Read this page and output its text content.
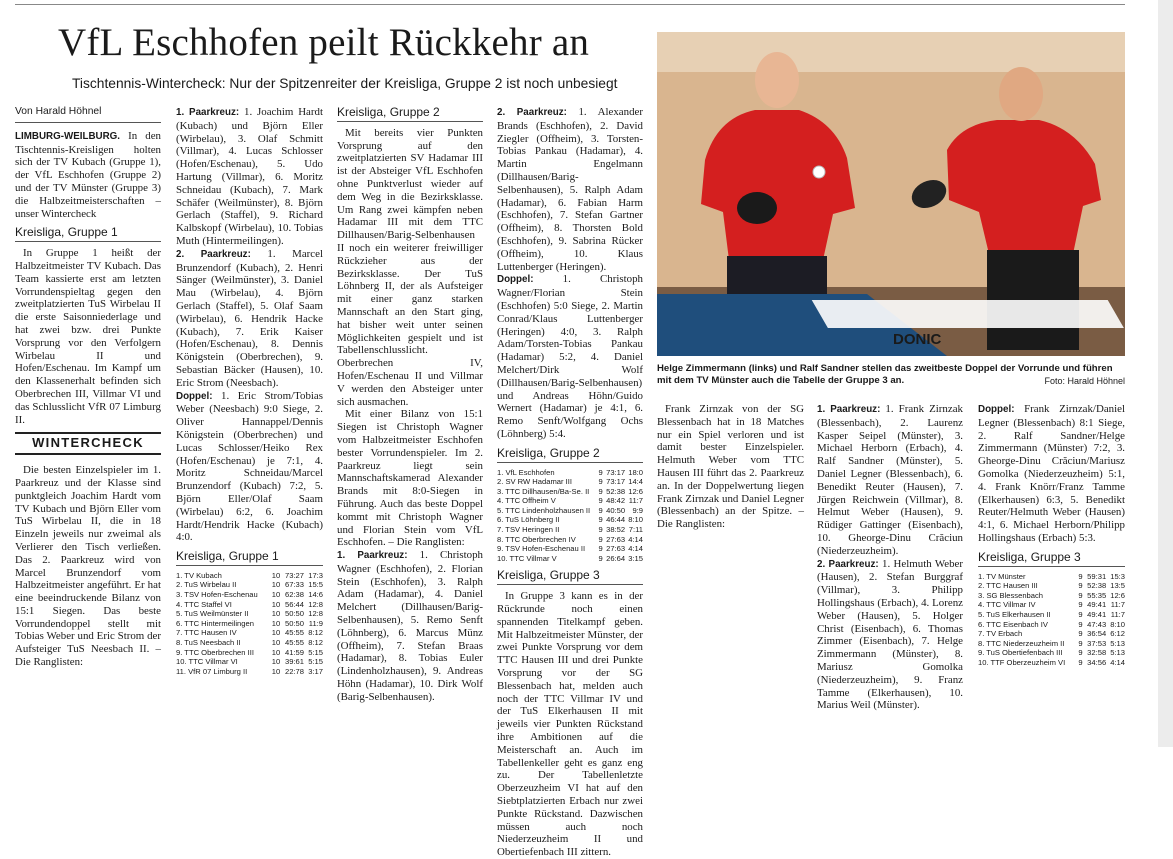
VfL Eschhofen peilt Rückkehr an
Tischtennis-Wintercheck: Nur der Spitzenreiter der Kreisliga, Gruppe 2 ist noch unbesiegt
Von Harald Höhnel

LIMBURG-WEILBURG. In den Tischtennis-Kreisligen holten sich der TV Kubach (Gruppe 1), der VfL Eschhofen (Gruppe 2) und der TV Münster (Gruppe 3) die Halbzeitmeisterschaften – unser Wintercheck

Kreisliga, Gruppe 1

In Gruppe 1 heißt der Halbzeitmeister TV Kubach. Das Team kassierte erst am letzten Vorrundenspieltag gegen den zweitplatzierten TuS Wirbelau II die erste Saisonniederlage und hat zwei bzw. drei Punkte Vorsprung vor den Verfolgern Wirbelau II und Hofen/Eschenau. Im Kampf um den Klassenerhalt befinden sich Oberbrechen III, Villmar VI und das Schlusslicht VfR 07 Limburg II.

WINTERCHECK

Die besten Einzelspieler im 1. Paarkreuz und der Klasse sind punktgleich Joachim Hardt vom TV Kubach und Björn Eller vom TuS Wirbelau II, die in 18 Einzeln jeweils nur zweimal als Verlierer den Tisch verließen. Das 2. Paarkreuz wird von Marcel Brunzendorf vom Halbzeitmeister angeführt. Er hat eine beeindruckende Bilanz von 15:1 Siegen. Das beste Vorrundendoppel stellt mit Tobias Weber und Eric Strom der Aufsteiger TuS Neesbach II. – Die Ranglisten:

1. Paarkreuz: 1. Joachim Hardt (Kubach) und Björn Eller (Wirbelau), 3. Olaf Schmitt (Villmar), 4. Lucas Schlosser (Hofen/Eschenau), 5. Udo Hartung (Villmar), 6. Moritz Schneidau (Kubach), 7. Mark Schäfer (Weilmünster), 8. Björn Gerlach (Staffel), 9. Richard Kalbskopf (Wirbelau), 10. Tobias Muth (Hintermeilingen).

2. Paarkreuz: 1. Marcel Brunzendorf (Kubach), 2. Henri Sänger (Weilmünster), 3. Daniel Mau (Wirbelau), 4. Björn Gerlach (Staffel), 5. Olaf Saam (Wirbelau), 6. Hendrik Hacke (Kubach), 7. Erik Kaiser (Hofen/Eschenau), 8. Dennis Königstein (Oberbrechen), 9. Sebastian Bäcker (Hausen), 10. Eric Strom (Neesbach).

Doppel: 1. Eric Strom/Tobias Weber (Neesbach) 9:0 Siege, 2. Oliver Hannappel/Dennis Königstein (Oberbrechen) und Lucas Schlosser/Heiko Rex (Hofen/Eschenau) je 7:1, 4. Moritz Schneidau/Marcel Brunzendorf (Kubach) 7:2, 5. Björn Eller/Olaf Saam (Wirbelau) 6:2, 6. Joachim Hardt/Hendrik Hacke (Kubach) 4:0.

Kreisliga, Gruppe 1
1. TV Kubach	10	73:27	17:3
2. TuS Wirbelau II	10	67:33	15:5
3. TSV Hofen-Eschenau	10	62:38	14:6
4. TTC Staffel VI	10	56:44	12:8
5. TuS Weilmünster II	10	50:50	12:8
6. TTC Hintermeilingen	10	50:50	11:9
7. TTC Hausen IV	10	45:55	8:12
8. TuS Neesbach II	10	45:55	8:12
9. TTC Oberbrechen III	10	41:59	5:15
10. TTC Villmar VI	10	39:61	5:15
11. VfR 07 Limburg II	10	22:78	3:17
Kreisliga, Gruppe 2

Mit bereits vier Punkten Vorsprung auf den zweitplatzierten SV Hadamar III ist der Absteiger VfL Eschhofen ohne Punktverlust wieder auf dem Weg in die Bezirksklasse. Um Rang zwei kämpfen neben Hadamar III mit dem TTC Dillhausen/Barig-Selbenhausen II noch ein weiterer freiwilliger Rückzieher aus der Bezirksklasse. Der TuS Löhnberg II, der als Aufsteiger mit einer ganz starken Mannschaft an den Start ging, hat bisher weit unter seinen Möglichkeiten gespielt und ist Tabellenschlusslicht. Oberbrechen IV, Hofen/Eschenau II und Villmar V werden den Absteiger unter sich ausmachen.

Mit einer Bilanz von 15:1 Siegen ist Christoph Wagner vom Halbzeitmeister Eschhofen bester Vorrundenspieler. Im 2. Paarkreuz liegt sein Mannschaftskamerad Alexander Brands mit 8:0-Siegen in Führung. Auch das beste Doppel kommt mit Christoph Wagner und Florian Stein vom VfL Eschhofen. – Die Ranglisten:

1. Paarkreuz: 1. Christoph Wagner (Eschhofen), 2. Florian Stein (Eschhofen), 3. Ralph Adam (Hadamar), 4. Daniel Melchert (Dillhausen/Barig-Selbenhausen), 5. Remo Senft (Löhnberg), 6. Marcus Münz (Offheim), 7. Stefan Braas (Hadamar), 8. Tobias Euler (Lindenholzhausen), 9. Andreas Höhn (Hadamar), 10. Dirk Wolf (Barig-Selbenhausen).

2. Paarkreuz: 1. Alexander Brands (Eschhofen), 2. David Ziegler (Offheim), 3. Torsten-Tobias Pankau (Hadamar), 4. Martin Engelmann (Dillhausen/Barig-Selbenhausen), 5. Ralph Adam (Hadamar), 6. Fabian Harm (Eschhofen), 7. Stefan Gartner (Offheim), 8. Thorsten Bold (Eschhofen), 9. Sabrina Rücker (Offheim), 10. Klaus Luttenberger (Heringen).

Doppel: 1. Christoph Wagner/Florian Stein (Eschhofen) 5:0 Siege, 2. Martin Conrad/Klaus Luttenberger (Heringen) 4:0, 3. Ralph Adam/Torsten-Tobias Pankau (Hadamar) 5:2, 4. Daniel Melchert/Dirk Wolf (Dillhausen/Barig-Selbenhausen) und Andreas Höhn/Guido Wernert (Hadamar) je 4:1, 6. Remo Senft/Wolfgang Ochs (Löhnberg) 5:4.

Kreisliga, Gruppe 2
1. VfL Eschhofen	9	73:17	18:0
2. SV RW Hadamar III	9	73:17	14:4
3. TTC Dillhausen/Ba-Se. II	9	52:38	12:6
4. TTC Offheim V	9	48:42	11:7
5. TTC Lindenholzhausen II	9	40:50	9:9
6. TuS Löhnberg II	9	46:44	8:10
7. TSV Heringen II	9	38:52	7:11
8. TTC Oberbrechen IV	9	27:63	4:14
9. TSV Hofen-Eschenau II	9	27:63	4:14
10. TTC Villmar V	9	26:64	3:15
Kreisliga, Gruppe 3

In Gruppe 3 kann es in der Rückrunde noch einen spannenden Titelkampf geben. Mit Halbzeitmeister Münster, der zwei Punkte Vorsprung vor dem TTC Hausen III und drei Punkte Vorsprung vor der SG Blessenbach hat, melden auch noch der TTC Villmar IV und der TuS Elkerhausen II mit jeweils vier Punkten Rückstand ihre Ambitionen auf die Meisterschaft an. Auch im Tabellenkeller geht es ganz eng zu. Der Tabellenletzte Oberzeuzheim VI hat auf den Siebtplatzierten Erbach nur zwei Punkte Rückstand. Dazwischen müssen auch noch Niederzeuzheim II und Obertiefenbach III zittern.

DONIC
Helge Zimmermann (links) und Ralf Sandner stellen das zweitbeste Doppel der Vorrunde und führen mit dem TV Münster auch die Tabelle der Gruppe 3 an.	Foto: Harald Höhnel

Frank Zirnzak von der SG Blessenbach hat in 18 Matches nur ein Spiel verloren und ist damit bester Einzelspieler. Helmuth Weber vom TTC Hausen III führt das 2. Paarkreuz an. In der Doppelwertung liegen Frank Zirnzak und Daniel Legner (Blessenbach) an der Spitze. – Die Ranglisten:

1. Paarkreuz: 1. Frank Zirnzak (Blessenbach), 2. Laurenz Kasper Seipel (Münster), 3. Michael Herborn (Erbach), 4. Ralf Sandner (Münster), 5. Daniel Legner (Blessenbach), 6. Benedikt Reuter (Hausen), 7. Jürgen Reichwein (Villmar), 8. Helmut Weber (Hausen), 9. Rüdiger Gattinger (Eisenbach), 10. Gheorge-Dinu Crăciun (Niederzeuzheim).

2. Paarkreuz: 1. Helmuth Weber (Hausen), 2. Stefan Burggraf (Villmar), 3. Philipp Hollingshaus (Erbach), 4. Lorenz Weber (Hausen), 5. Holger Christ (Eisenbach), 6. Thomas Zimmer (Eisenbach), 7. Helge Zimmermann (Münster), 8. Mariusz Gomolka (Niederzeuzheim), 9. Franz Tamme (Elkerhausen), 10. Marius Weil (Münster).

Doppel: Frank Zirnzak/Daniel Legner (Blessenbach) 8:1 Siege, 2. Ralf Sandner/Helge Zimmermann (Münster) 7:2, 3. Gheorge-Dinu Crăciun/Mariusz Gomolka (Niederzeuzheim) 5:1, 4. Frank Knörr/Franz Tamme (Elkerhausen) 6:3, 5. Benedikt Reuter/Helmuth Weber (Hausen) 4:1, 6. Michael Herborn/Philipp Hollingshaus (Erbach) 5:3.

Kreisliga, Gruppe 3
1. TV Münster	9	59:31	15:3
2. TTC Hausen III	9	52:38	13:5
3. SG Blessenbach	9	55:35	12:6
4. TTC Villmar IV	9	49:41	11:7
5. TuS Elkerhausen II	9	49:41	11:7
6. TTC Eisenbach IV	9	47:43	8:10
7. TV Erbach	9	36:54	6:12
8. TTC Niederzeuzheim II	9	37:53	5:13
9. TuS Obertiefenbach III	9	32:58	5:13
10. TTF Oberzeuzheim VI	9	34:56	4:14
